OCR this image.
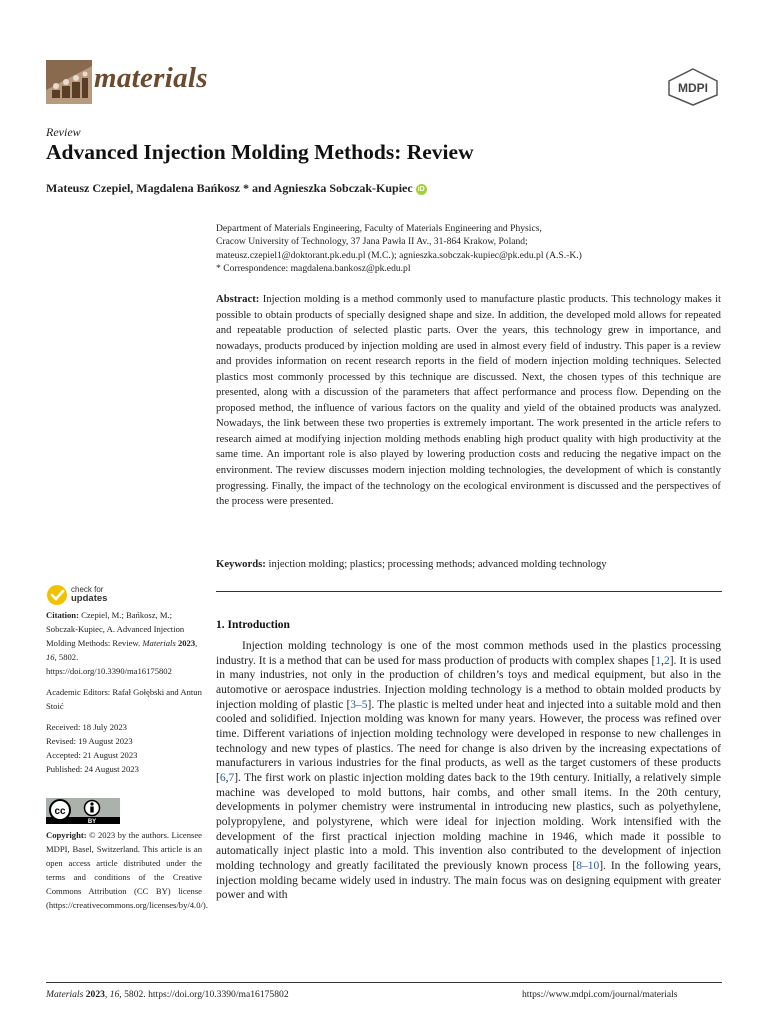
materials	MDPI
Review
Advanced Injection Molding Methods: Review
Mateusz Czepiel, Magdalena Bańkosz * and Agnieszka Sobczak-Kupiec iD
Department of Materials Engineering, Faculty of Materials Engineering and Physics,
Cracow University of Technology, 37 Jana Pawła II Av., 31-864 Krakow, Poland;
mateusz.czepiel1@doktorant.pk.edu.pl (M.C.); agnieszka.sobczak-kupiec@pk.edu.pl (A.S.-K.)
* Correspondence: magdalena.bankosz@pk.edu.pl
Abstract: Injection molding is a method commonly used to manufacture plastic products. This technology makes it possible to obtain products of specially designed shape and size. In addition, the developed mold allows for repeated and repeatable production of selected plastic parts. Over the years, this technology grew in importance, and nowadays, products produced by injection molding are used in almost every field of industry. This paper is a review and provides information on recent research reports in the field of modern injection molding techniques. Selected plastics most commonly processed by this technique are discussed. Next, the chosen types of this technique are presented, along with a discussion of the parameters that affect performance and process flow. Depending on the proposed method, the influence of various factors on the quality and yield of the obtained products was analyzed. Nowadays, the link between these two properties is extremely important. The work presented in the article refers to research aimed at modifying injection molding methods enabling high product quality with high productivity at the same time. An important role is also played by lowering production costs and reducing the negative impact on the environment. The review discusses modern injection molding technologies, the development of which is constantly progressing. Finally, the impact of the technology on the ecological environment is discussed and the perspectives of the process were presented.
Keywords: injection molding; plastics; processing methods; advanced molding technology
check for
updates

Citation: Czepiel, M.; Bańkosz, M.; Sobczak-Kupiec, A. Advanced Injection Molding Methods: Review. Materials 2023, 16, 5802. https://doi.org/10.3390/ma16175802

Academic Editors: Rafał Gołębski and Antun Stoić

Received: 18 July 2023

Revised: 19 August 2023

Accepted: 21 August 2023

Published: 24 August 2023

cc
BY

Copyright: © 2023 by the authors. Licensee MDPI, Basel, Switzerland. This article is an open access article distributed under the terms and conditions of the Creative Commons Attribution (CC BY) license (https://creativecommons.org/licenses/by/4.0/).

1. Introduction

Injection molding technology is one of the most common methods used in the plastics processing industry. It is a method that can be used for mass production of products with complex shapes [1,2]. It is used in many industries, not only in the production of children’s toys and medical equipment, but also in the automotive or aerospace industries. Injection molding technology is a method to obtain molded products by injection molding of plastic [3–5]. The plastic is melted under heat and injected into a suitable mold and then cooled and solidified. Injection molding was known for many years. However, the process was refined over time. Different variations of injection molding technology were developed in response to new challenges in technology and new types of plastics. The need for change is also driven by the increasing expectations of manufacturers in various industries for the final products, as well as the target customers of these products [6,7]. The first work on plastic injection molding dates back to the 19th century. Initially, a relatively simple machine was developed to mold buttons, hair combs, and other small items. In the 20th century, developments in polymer chemistry were instrumental in introducing new plastics, such as polyethylene, polypropylene, and polystyrene, which were ideal for injection molding. Work intensified with the development of the first practical injection molding machine in 1946, which made it possible to automatically inject plastic into a mold. This invention also contributed to the development of injection molding technology and greatly facilitated the previously known process [8–10]. In the following years, injection molding became widely used in industry. The main focus was on designing equipment with greater power and with

Materials 2023, 16, 5802. https://doi.org/10.3390/ma16175802	https://www.mdpi.com/journal/materials
